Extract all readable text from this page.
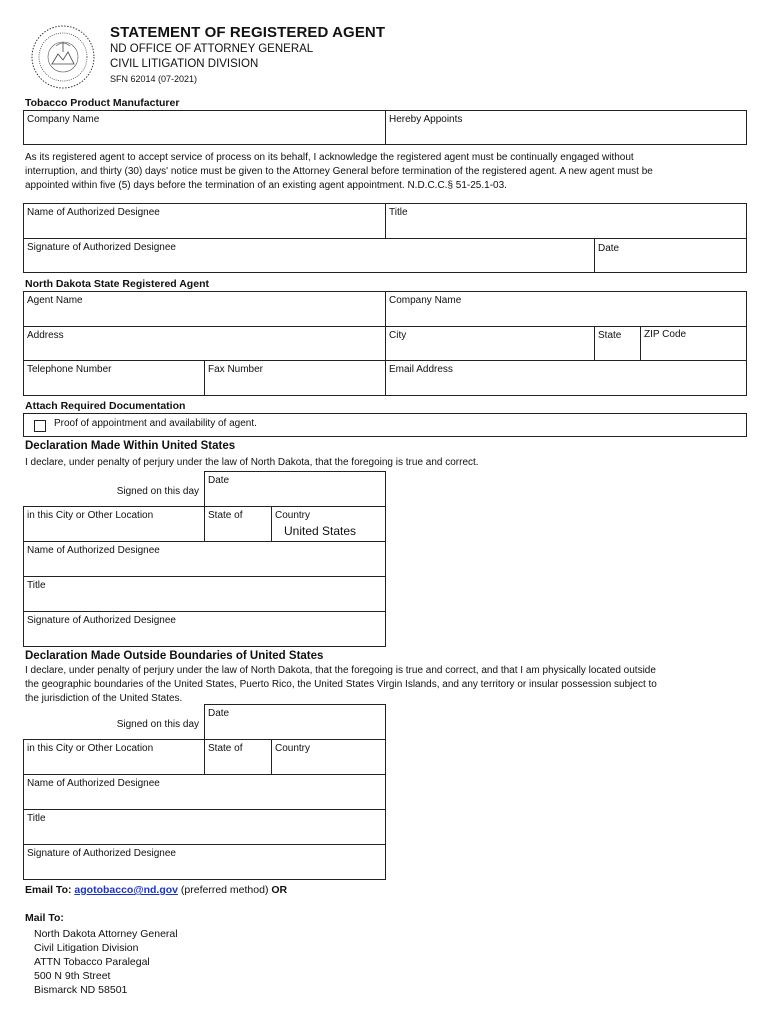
STATEMENT OF REGISTERED AGENT
ND OFFICE OF ATTORNEY GENERAL
CIVIL LITIGATION DIVISION
SFN 62014 (07-2021)
Tobacco Product Manufacturer
Company Name	Hereby Appoints
As its registered agent to accept service of process on its behalf, I acknowledge the registered agent must be continually engaged without
interruption, and thirty (30) days' notice must be given to the Attorney General before termination of the registered agent. A new agent must be
appointed within five (5) days before the termination of an existing agent appointment. N.D.C.C.§ 51-25.1-03.
Name of Authorized Designee	Title
Signature of Authorized Designee	Date
North Dakota State Registered Agent
Agent Name	Company Name
Address	City	State ZIP Code
Telephone Number	Fax Number	Email Address
Attach Required Documentation
Proof of appointment and availability of agent.
Declaration Made Within United States
I declare, under penalty of perjury under the law of North Dakota, that the foregoing is true and correct.
Signed on this day
Date
in this City or Other Location	State of	Country
United States
Name of Authorized Designee
Title
Signature of Authorized Designee
Declaration Made Outside Boundaries of United States
I declare, under penalty of perjury under the law of North Dakota, that the foregoing is true and correct, and that I am physically located outside
the geographic boundaries of the United States, Puerto Rico, the United States Virgin Islands, and any territory or insular possession subject to
the jurisdiction of the United States.
Signed on this day
Date
in this City or Other Location	State of	Country
Name of Authorized Designee
Title
Signature of Authorized Designee
Email To: agotobacco@nd.gov (preferred method) OR
Mail To:
North Dakota Attorney General
Civil Litigation Division
ATTN Tobacco Paralegal
500 N 9th Street
Bismarck ND 58501
